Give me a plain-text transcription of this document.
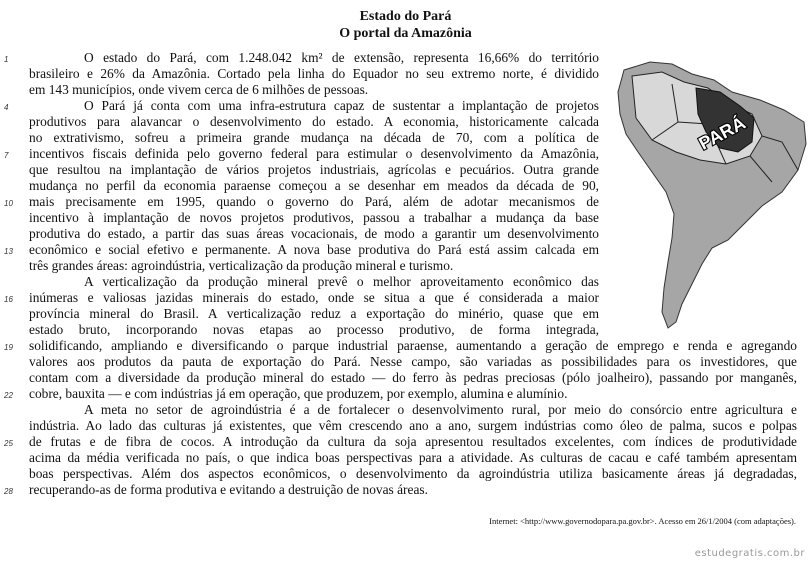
Estado do Pará
O portal da Amazônia
1	O estado do Pará, com 1.248.042 km² de extensão, representa 16,66% do território
brasileiro e 26% da Amazônia. Cortado pela linha do Equador no seu extremo norte, é dividido
em 143 municípios, onde vivem cerca de 6 milhões de pessoas.
4	O Pará já conta com uma infra-estrutura capaz de sustentar a implantação de projetos
produtivos para alavancar o desenvolvimento do estado. A economia, historicamente calcada
no extrativismo, sofreu a primeira grande mudança na década de 70, com a política de
7	incentivos fiscais definida pelo governo federal para estimular o desenvolvimento da Amazônia,
que resultou na implantação de vários projetos industriais, agrícolas e pecuários. Outra grande
mudança no perfil da economia paraense começou a se desenhar em meados da década de 90,
10	mais precisamente em 1995, quando o governo do Pará, além de adotar mecanismos de
incentivo à implantação de novos projetos produtivos, passou a trabalhar a mudança da base
produtiva do estado, a partir das suas áreas vocacionais, de modo a garantir um desenvolvimento
13	econômico e social efetivo e permanente. A nova base produtiva do Pará está assim calcada em
três grandes áreas: agroindústria, verticalização da produção mineral e turismo.
A verticalização da produção mineral prevê o melhor aproveitamento econômico das
16	inúmeras e valiosas jazidas minerais do estado, onde se situa a que é considerada a maior
província mineral do Brasil. A verticalização reduz a exportação do minério, quase que em
estado bruto, incorporando novas etapas ao processo produtivo, de forma integrada,
19	solidificando, ampliando e diversificando o parque industrial paraense, aumentando a geração de emprego e renda e agregando
valores aos produtos da pauta de exportação do Pará. Nesse campo, são variadas as possibilidades para os investidores, que
contam com a diversidade da produção mineral do estado — do ferro às pedras preciosas (pólo joalheiro), passando por manganês,
22	cobre, bauxita — e com indústrias já em operação, que produzem, por exemplo, alumina e alumínio.
A meta no setor de agroindústria é a de fortalecer o desenvolvimento rural, por meio do consórcio entre agricultura e
indústria. Ao lado das culturas já existentes, que vêm crescendo ano a ano, surgem indústrias como óleo de palma, sucos e polpas
25	de frutas e de fibra de cocos. A introdução da cultura da soja apresentou resultados excelentes, com índices de produtividade
acima da média verificada no país, o que indica boas perspectivas para a atividade. As culturas de cacau e café também apresentam
boas perspectivas. Além dos aspectos econômicos, o desenvolvimento da agroindústria utiliza basicamente áreas já degradadas,
28	recuperando-as de forma produtiva e evitando a destruição de novas áreas.
PARÁ
Internet: <http://www.governodopara.pa.gov.br>. Acesso em 26/1/2004 (com adaptações).
estudegratis.com.br
